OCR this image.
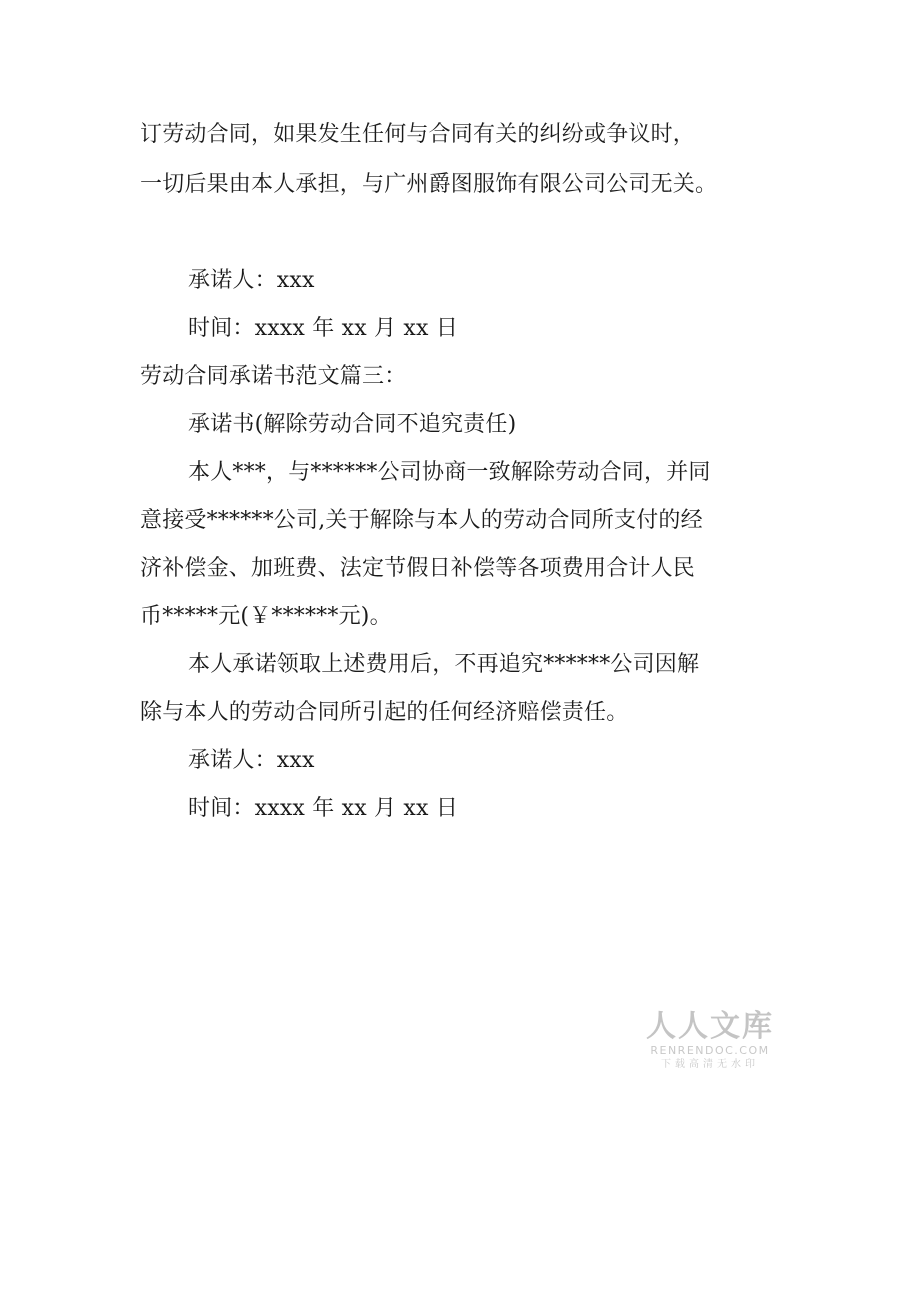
订劳动合同，如果发生任何与合同有关的纠纷或争议时，
一切后果由本人承担，与广州爵图服饰有限公司公司无关。
承诺人：xxx
时间：xxxx 年 xx 月 xx 日
劳动合同承诺书范文篇三：
承诺书(解除劳动合同不追究责任)
本人***，与******公司协商一致解除劳动合同，并同
意接受******公司,关于解除与本人的劳动合同所支付的经
济补偿金、加班费、法定节假日补偿等各项费用合计人民
币*****元(￥******元)。
本人承诺领取上述费用后，不再追究******公司因解
除与本人的劳动合同所引起的任何经济赔偿责任。
承诺人：xxx
时间：xxxx 年 xx 月 xx 日
人人文库
RENRENDOC.COM
下载高清无水印
